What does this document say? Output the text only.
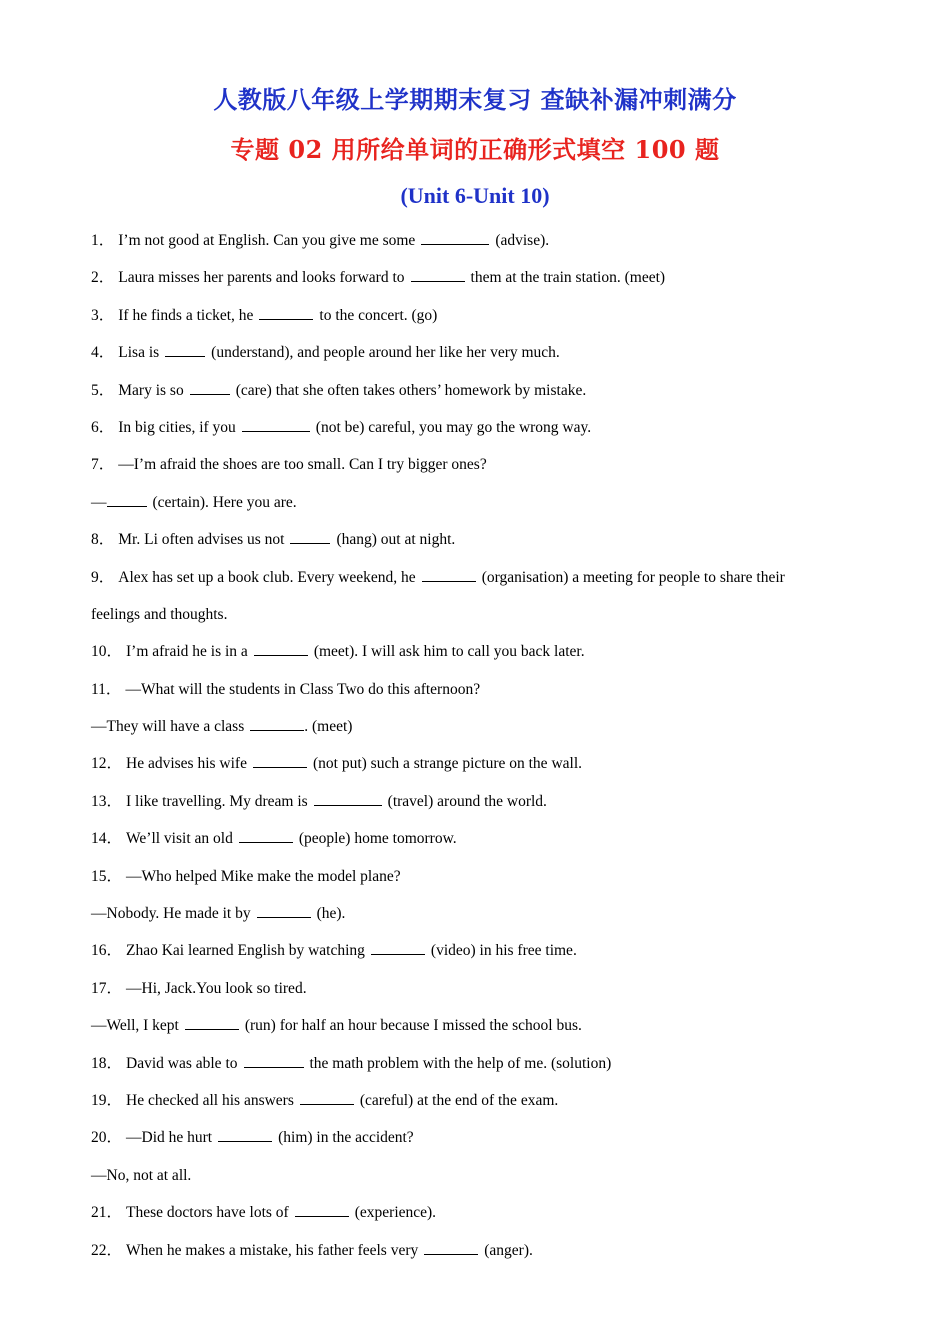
人教版八年级上学期期末复习 查缺补漏冲刺满分
专题 02 用所给单词的正确形式填空 100 题
(Unit 6-Unit 10)
1． I’m not good at English. Can you give me some	(advise).
2． Laura misses her parents and looks forward to	them at the train station. (meet)
3． If he finds a ticket, he	to the concert. (go)
4． Lisa is	(understand), and people around her like her very much.
5． Mary is so	(care) that she often takes others’ homework by mistake.
6． In big cities, if you	(not be) careful, you may go the wrong way.
7． —I’m afraid the shoes are too small. Can I try bigger ones?
—	(certain). Here you are.
8． Mr. Li often advises us not	(hang) out at night.
9． Alex has set up a book club. Every weekend, he	(organisation) a meeting for people to share their
feelings and thoughts.
10． I’m afraid he is in a	(meet). I will ask him to call you back later.
11． —What will the students in Class Two do this afternoon?
—They will have a class	. (meet)
12． He advises his wife	(not put) such a strange picture on the wall.
13． I like travelling. My dream is	(travel) around the world.
14． We’ll visit an old	(people) home tomorrow.
15． —Who helped Mike make the model plane?
—Nobody. He made it by	(he).
16． Zhao Kai learned English by watching	(video) in his free time.
17． —Hi, Jack.You look so tired.
—Well, I kept	(run) for half an hour because I missed the school bus.
18． David was able to	the math problem with the help of me. (solution)
19． He checked all his answers	(careful) at the end of the exam.
20． —Did he hurt	(him) in the accident?
—No, not at all.
21． These doctors have lots of	(experience).
22． When he makes a mistake, his father feels very	(anger).
